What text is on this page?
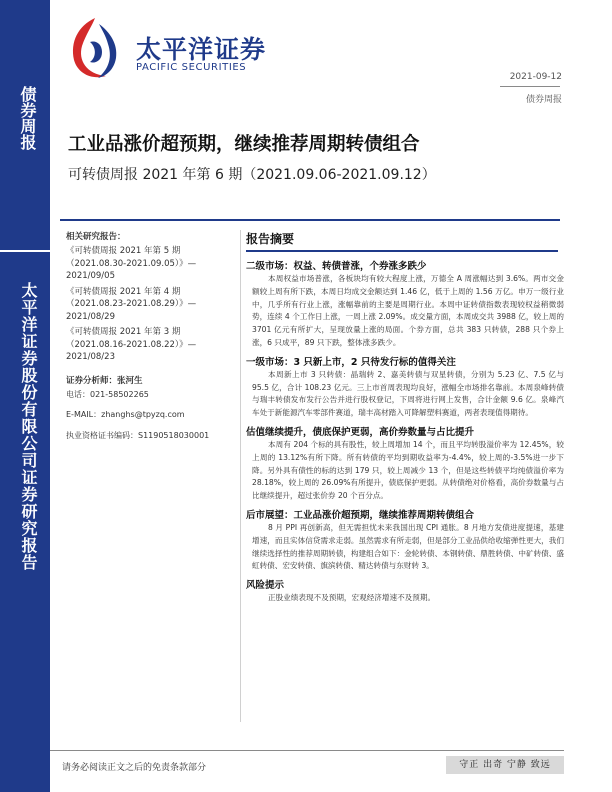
债券周报
太平洋证券股份有限公司证券研究报告
太平洋证券
PACIFIC SECURITIES
2021-09-12
债券周报
工业品涨价超预期，继续推荐周期转债组合
可转债周报 2021 年第 6 期（2021.09.06-2021.09.12）
相关研究报告：
《可转债周报 2021 年第 5 期（2021.08.30-2021.09.05）》—2021/09/05
《可转债周报 2021 年第 4 期（2021.08.23-2021.08.29）》—2021/08/29
《可转债周报 2021 年第 3 期（2021.08.16-2021.08.22）》—2021/08/23
证券分析师：张河生
电话：021-58502265
E-MAIL：zhanghs@tpyzq.com
执业资格证书编码：S1190518030001
报告摘要
二级市场：权益、转债普涨，个券涨多跌少
本周权益市场普涨，各板块均有较大程度上涨，万德全 A 周涨幅达到 3.6%。两市交金额较上周有所下跌，本周日均成交金额达到 1.46 亿，低于上周的 1.56 万亿。申万一级行业中，几乎所有行业上涨，涨幅靠前的主要是周期行业。本周中证转债指数表现较权益稍微弱势，连续 4 个工作日上涨，一周上涨 2.09%。成交量方面，本周成交共 3988 亿，较上周的 3701 亿元有所扩大，呈现放量上涨的局面。个券方面，总共 383 只转债，288 只个券上涨，6 只成平，89 只下跌，整体涨多跌少。
一级市场：3 只新上市，2 只待发行标的值得关注
本周新上市 3 只转债：晶瑞转 2、嘉美转债与双星转债，分别为 5.23 亿、7.5 亿与 95.5 亿，合计 108.23 亿元。三上市首周表现均良好，涨幅全市场排名靠前。本周泉峰转债与瑞丰转债发布发行公告并进行股权登记，下周将进行网上发售，合计金额 9.6 亿。泉峰汽车处于新能源汽车零部件赛道，瑞丰高材踏入可降解塑料赛道，两者表现值得期待。
估值继续提升，债底保护更弱，高价券数量与占比提升
本周有 204 个标的具有股性，较上周增加 14 个，而且平均转股溢价率为 12.45%，较上周的 13.12%有所下降。所有转债的平均到期收益率为-4.4%，较上周的-3.5%进一步下降。另外具有债性的标的达到 179 只，较上周减少 13 个，但是这些转债平均纯债溢价率为 28.18%，较上周的 26.09%有所提升，债底保护更弱。从转债绝对价格看，高价券数量与占比继续提升，超过张价券 20 个百分点。
后市展望：工业品涨价超预期，继续推荐周期转债组合
8 月 PPI 再创新高，但无需担忧未来我国出现 CPI 通胀。8 月地方发债进度提速，基建增速，而且实体信贷需求走弱。虽然需求有所走弱，但是部分工业品供给收缩弹性更大，我们继续选择性的推荐周期转债，构建组合如下：金轮转债、本钢转债、鼎胜转债、中矿转债、盛虹转债、宏安转债、旗滨转债、精达转债与东财转 3。
风险提示
正股业绩表现不及预期，宏观经济增速不及预期。
请务必阅读正文之后的免责条款部分	守正 出奇 宁静 致远
